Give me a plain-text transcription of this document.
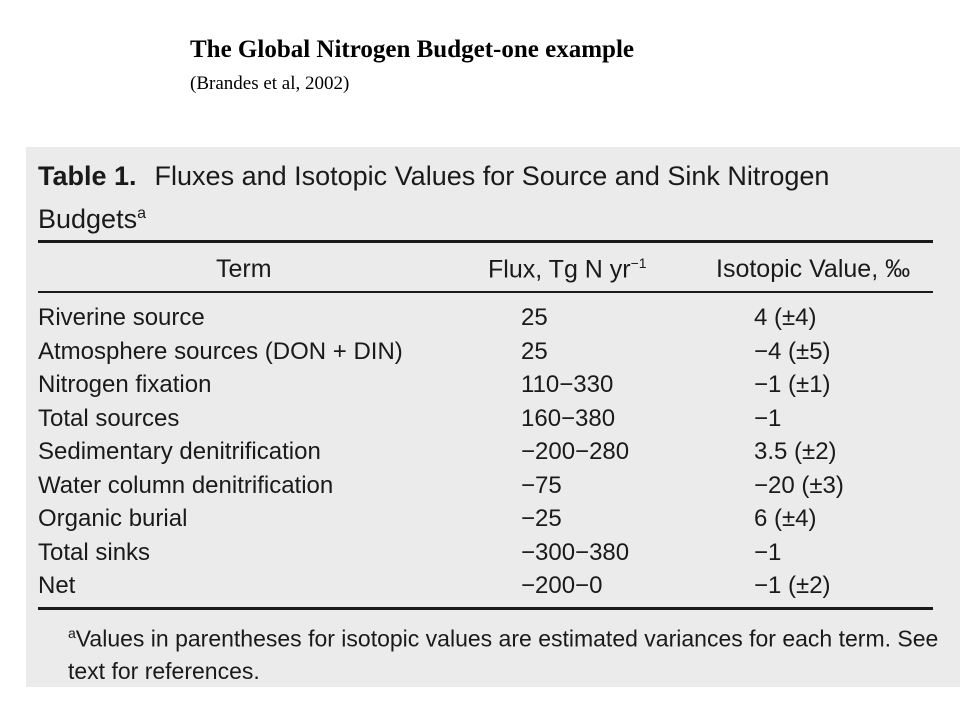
The Global Nitrogen Budget-one example

(Brandes et al, 2002)

Table 1. Fluxes and Isotopic Values for Source and Sink Nitrogen Budgets$^a$
Term	Flux, Tg N $yr^{-1}$	Isotopic Value, ‰
Riverine source	25	4 (±4)
Atmosphere sources (DON + DIN)	25	−4 (±5)
Nitrogen fixation	110−330	−1 (±1)
Total sources	160−380	−1
Sedimentary denitrification	−200−280	3.5 (±2)
Water column denitrification	−75	−20 (±3)
Organic burial	−25	6 (±4)
Total sinks	−300−380	−1
Net	−200−0	−1 (±2)
$^a$Values in parentheses for isotopic values are estimated variances for each term. See text for references.
